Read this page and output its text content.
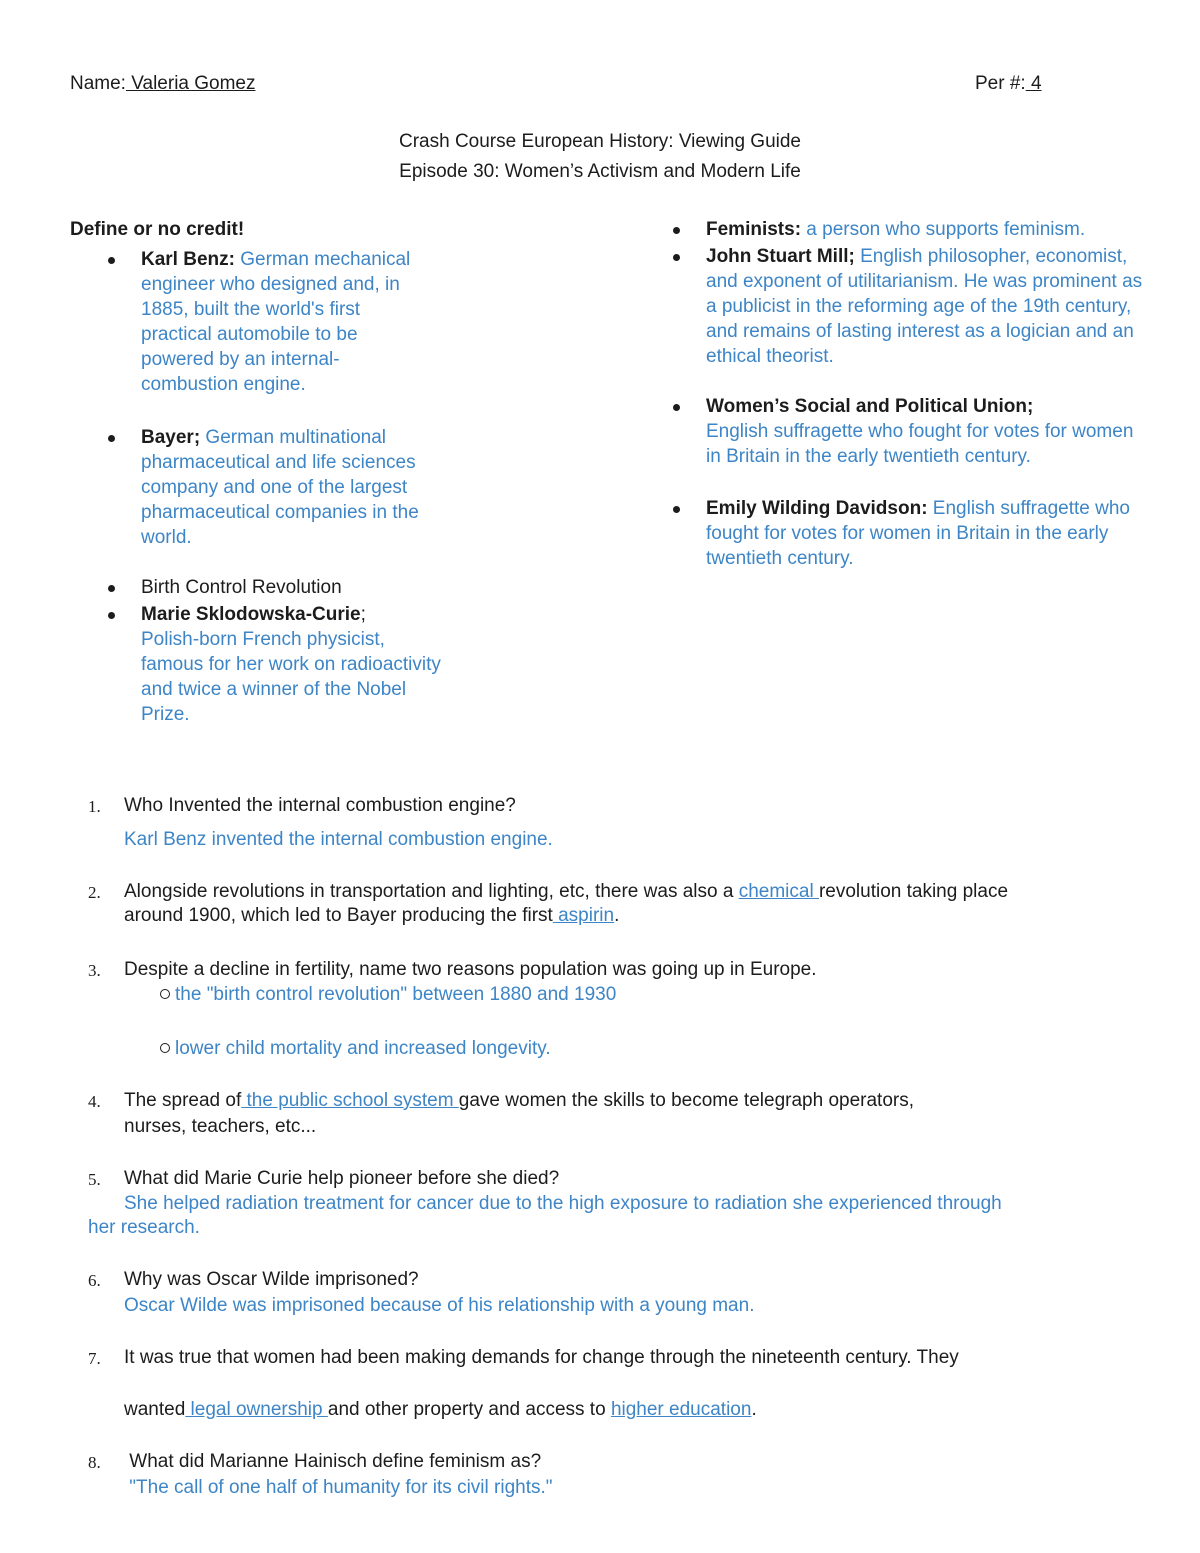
Name: Valeria Gomez	Per #: 4
Crash Course European History: Viewing Guide
Episode 30: Women’s Activism and Modern Life
Define or no credit!
Karl Benz: German mechanical engineer who designed and, in 1885, built the world's first practical automobile to be powered by an internal-combustion engine.
Bayer; German multinational pharmaceutical and life sciences company and one of the largest pharmaceutical companies in the world.
Birth Control Revolution
Marie Sklodowska-Curie;
Polish-born French physicist, famous for her work on radioactivity and twice a winner of the Nobel Prize.
Feminists: a person who supports feminism.
John Stuart Mill; English philosopher, economist, and exponent of utilitarianism. He was prominent as a publicist in the reforming age of the 19th century, and remains of lasting interest as a logician and an ethical theorist.
Women’s Social and Political Union;
English suffragette who fought for votes for women in Britain in the early twentieth century.
Emily Wilding Davidson: English suffragette who fought for votes for women in Britain in the early twentieth century.
1. Who Invented the internal combustion engine?
Karl Benz invented the internal combustion engine.
2. Alongside revolutions in transportation and lighting, etc, there was also a chemical revolution taking place
around 1900, which led to Bayer producing the first aspirin.
3. Despite a decline in fertility, name two reasons population was going up in Europe.
the "birth control revolution" between 1880 and 1930
lower child mortality and increased longevity.
4. The spread of the public school system gave women the skills to become telegraph operators,
nurses, teachers, etc...
5. What did Marie Curie help pioneer before she died?
She helped radiation treatment for cancer due to the high exposure to radiation she experienced through
her research.
6. Why was Oscar Wilde imprisoned?
Oscar Wilde was imprisoned because of his relationship with a young man.
7. It was true that women had been making demands for change through the nineteenth century. They
wanted legal ownership and other property and access to higher education.
8. What did Marianne Hainisch define feminism as?
"The call of one half of humanity for its civil rights."
